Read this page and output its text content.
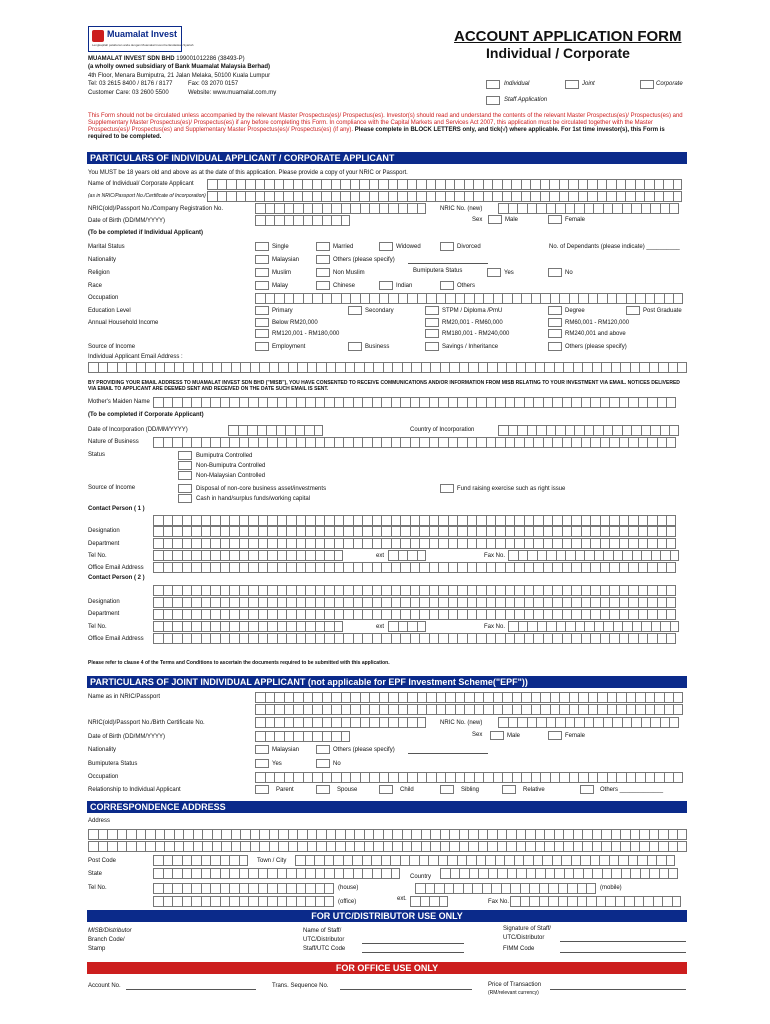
Muamalat Invest
Lengkapilah pelaburan anda dengan Muamalat Invest berlandaskan Syariah
MUAMALAT INVEST SDN BHD 199001012286 (38493-P)
(a wholly owned subsidiary of Bank Muamalat Malaysia Berhad)
4th Floor, Menara Bumiputra, 21 Jalan Melaka, 50100 Kuala Lumpur
Tel: 03 2615 8400 / 8176 / 8177	Fax: 03 2070 0157
Customer Care: 03 2600 5500	Website: www.muamalat.com.my
ACCOUNT APPLICATION FORM
Individual / Corporate
Individual	Joint	Corporate
Staff Application
This Form should not be circulated unless accompanied by the relevant Master Prospectus(es)/ Prospectus(es). Investor(s) should read and understand the contents of the relevant Master Prospectus(es)/ Prospectus(es) and Supplementary Master Prospectus(es)/ Prospectus(es) if any before completing this Form. In compliance with the Capital Markets and Services Act 2007, this application must be circulated together with the Master Prospectus(es)/ Prospectus(es) and Supplementary Master Prospectus(es)/ Prospectus(es) (if any). Please complete in BLOCK LETTERS only, and tick(√) where applicable. For 1st time investor(s), this Form is required to be completed.
PARTICULARS OF INDIVIDUAL APPLICANT / CORPORATE APPLICANT
You MUST be 18 years old and above as at the date of this application. Please provide a copy of your NRIC or Passport.
Name of Individual/ Corporate Applicant
(as in NRIC/Passport No./Certificate of Incorporation)
NRIC(old)/Passport No./Company Registration No.	NRIC No. (new)
Date of Birth (DD/MM/YYYY)	Sex	Male	Female
(To be completed if Individual Applicant)
Marital Status	Single	Married	Widowed	Divorced	No. of Dependants (please indicate) __________
Nationality	Malaysian	Others (please specify)
Religion	Muslim	Non Muslim	Bumiputera Status	Yes	No
Race	Malay	Chinese	Indian	Others
Occupation
Education Level	Primary	Secondary	STPM / Diploma /PmU	Degree	Post Graduate
Annual Household Income	Below RM20,000	RM20,001 - RM60,000	RM60,001 - RM120,000
RM120,001 - RM180,000	RM180,001 - RM240,000	RM240,001 and above
Source of Income	Employment	Business	Savings / Inheritance	Others (please specify)
Individual Applicant Email Address :
BY PROVIDING YOUR EMAIL ADDRESS TO MUAMALAT INVEST SDN BHD ("MISB"), YOU HAVE CONSENTED TO RECEIVE COMMUNICATIONS AND/OR INFORMATION FROM MISB RELATING TO YOUR INVESTMENT VIA EMAIL. NOTICES DELIVERED VIA EMAIL TO APPLICANT ARE DEEMED SENT AND RECEIVED ON THE DATE SUCH EMAIL IS SENT.
Mother's Maiden Name
(To be completed if Corporate Applicant)
Date of Incorporation (DD/MM/YYYY)	Country of Incorporation
Nature of Business
Status	Bumiputra Controlled
Non-Bumiputra Controlled
Non-Malaysian Controlled
Source of Income	Disposal of non-core business asset/investments	Fund raising exercise such as right issue
Cash in hand/surplus funds/working capital
Contact Person ( 1 )
Designation
Department
Tel No.	ext	Fax No.
Office Email Address
Contact Person ( 2 )
Designation
Department
Tel No.	ext	Fax No.
Office Email Address
Please refer to clause 4 of the Terms and Conditions to ascertain the documents required to be submitted with this application.
PARTICULARS OF JOINT INDIVIDUAL APPLICANT (not applicable for EPF Investment Scheme("EPF"))
Name as in NRIC/Passport
NRIC(old)/Passport No./Birth Certificate No.	NRIC No. (new)
Date of Birth (DD/MM/YYYY)	Sex	Male	Female
Nationality	Malaysian	Others (please specify)
Bumiputera Status	Yes	No
Occupation
Relationship to Individual Applicant	Parent	Spouse	Child	Sibling	Relative	Others _____________
CORRESPONDENCE ADDRESS
Address
Post Code	Town / City
State	Country
Tel No.	(house)	(mobile)
(office)	ext.	Fax No.
FOR UTC/DISTRIBUTOR USE ONLY
MISB/Distributor
Branch Code/
Stamp
Name of Staff/
UTC/Distributor
Staff/UTC Code
Signature of Staff/
UTC/Distributor
FIMM Code
FOR OFFICE USE ONLY
Account No.	Trans. Sequence No.	Price of Transaction
(RM/relevant currency)
